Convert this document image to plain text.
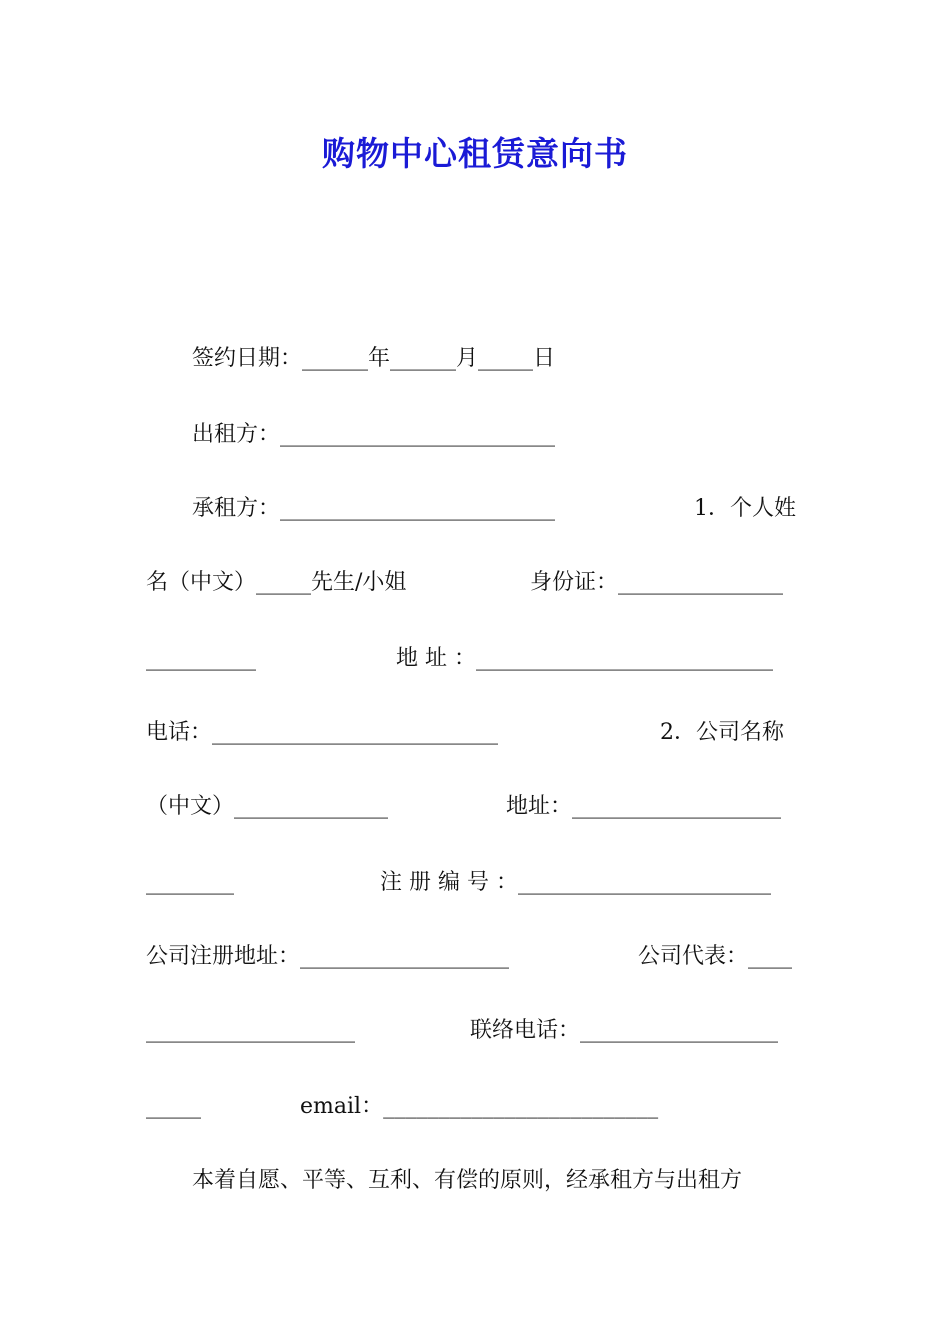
购物中心租赁意向书
签约日期：______年______月_____日
出租方：_________________________
承租方：_________________________	1．个人姓
名（中文）_____先生/小姐	身份证：_______________
__________	地 址 ：___________________________
电话：__________________________	2．公司名称
（中文）______________	地址：___________________
________	注 册 编 号 ：_______________________
公司注册地址：___________________	公司代表：____
___________________	联络电话：__________________
_____	email：_________________________
本着自愿、平等、互利、有偿的原则，经承租方与出租方
